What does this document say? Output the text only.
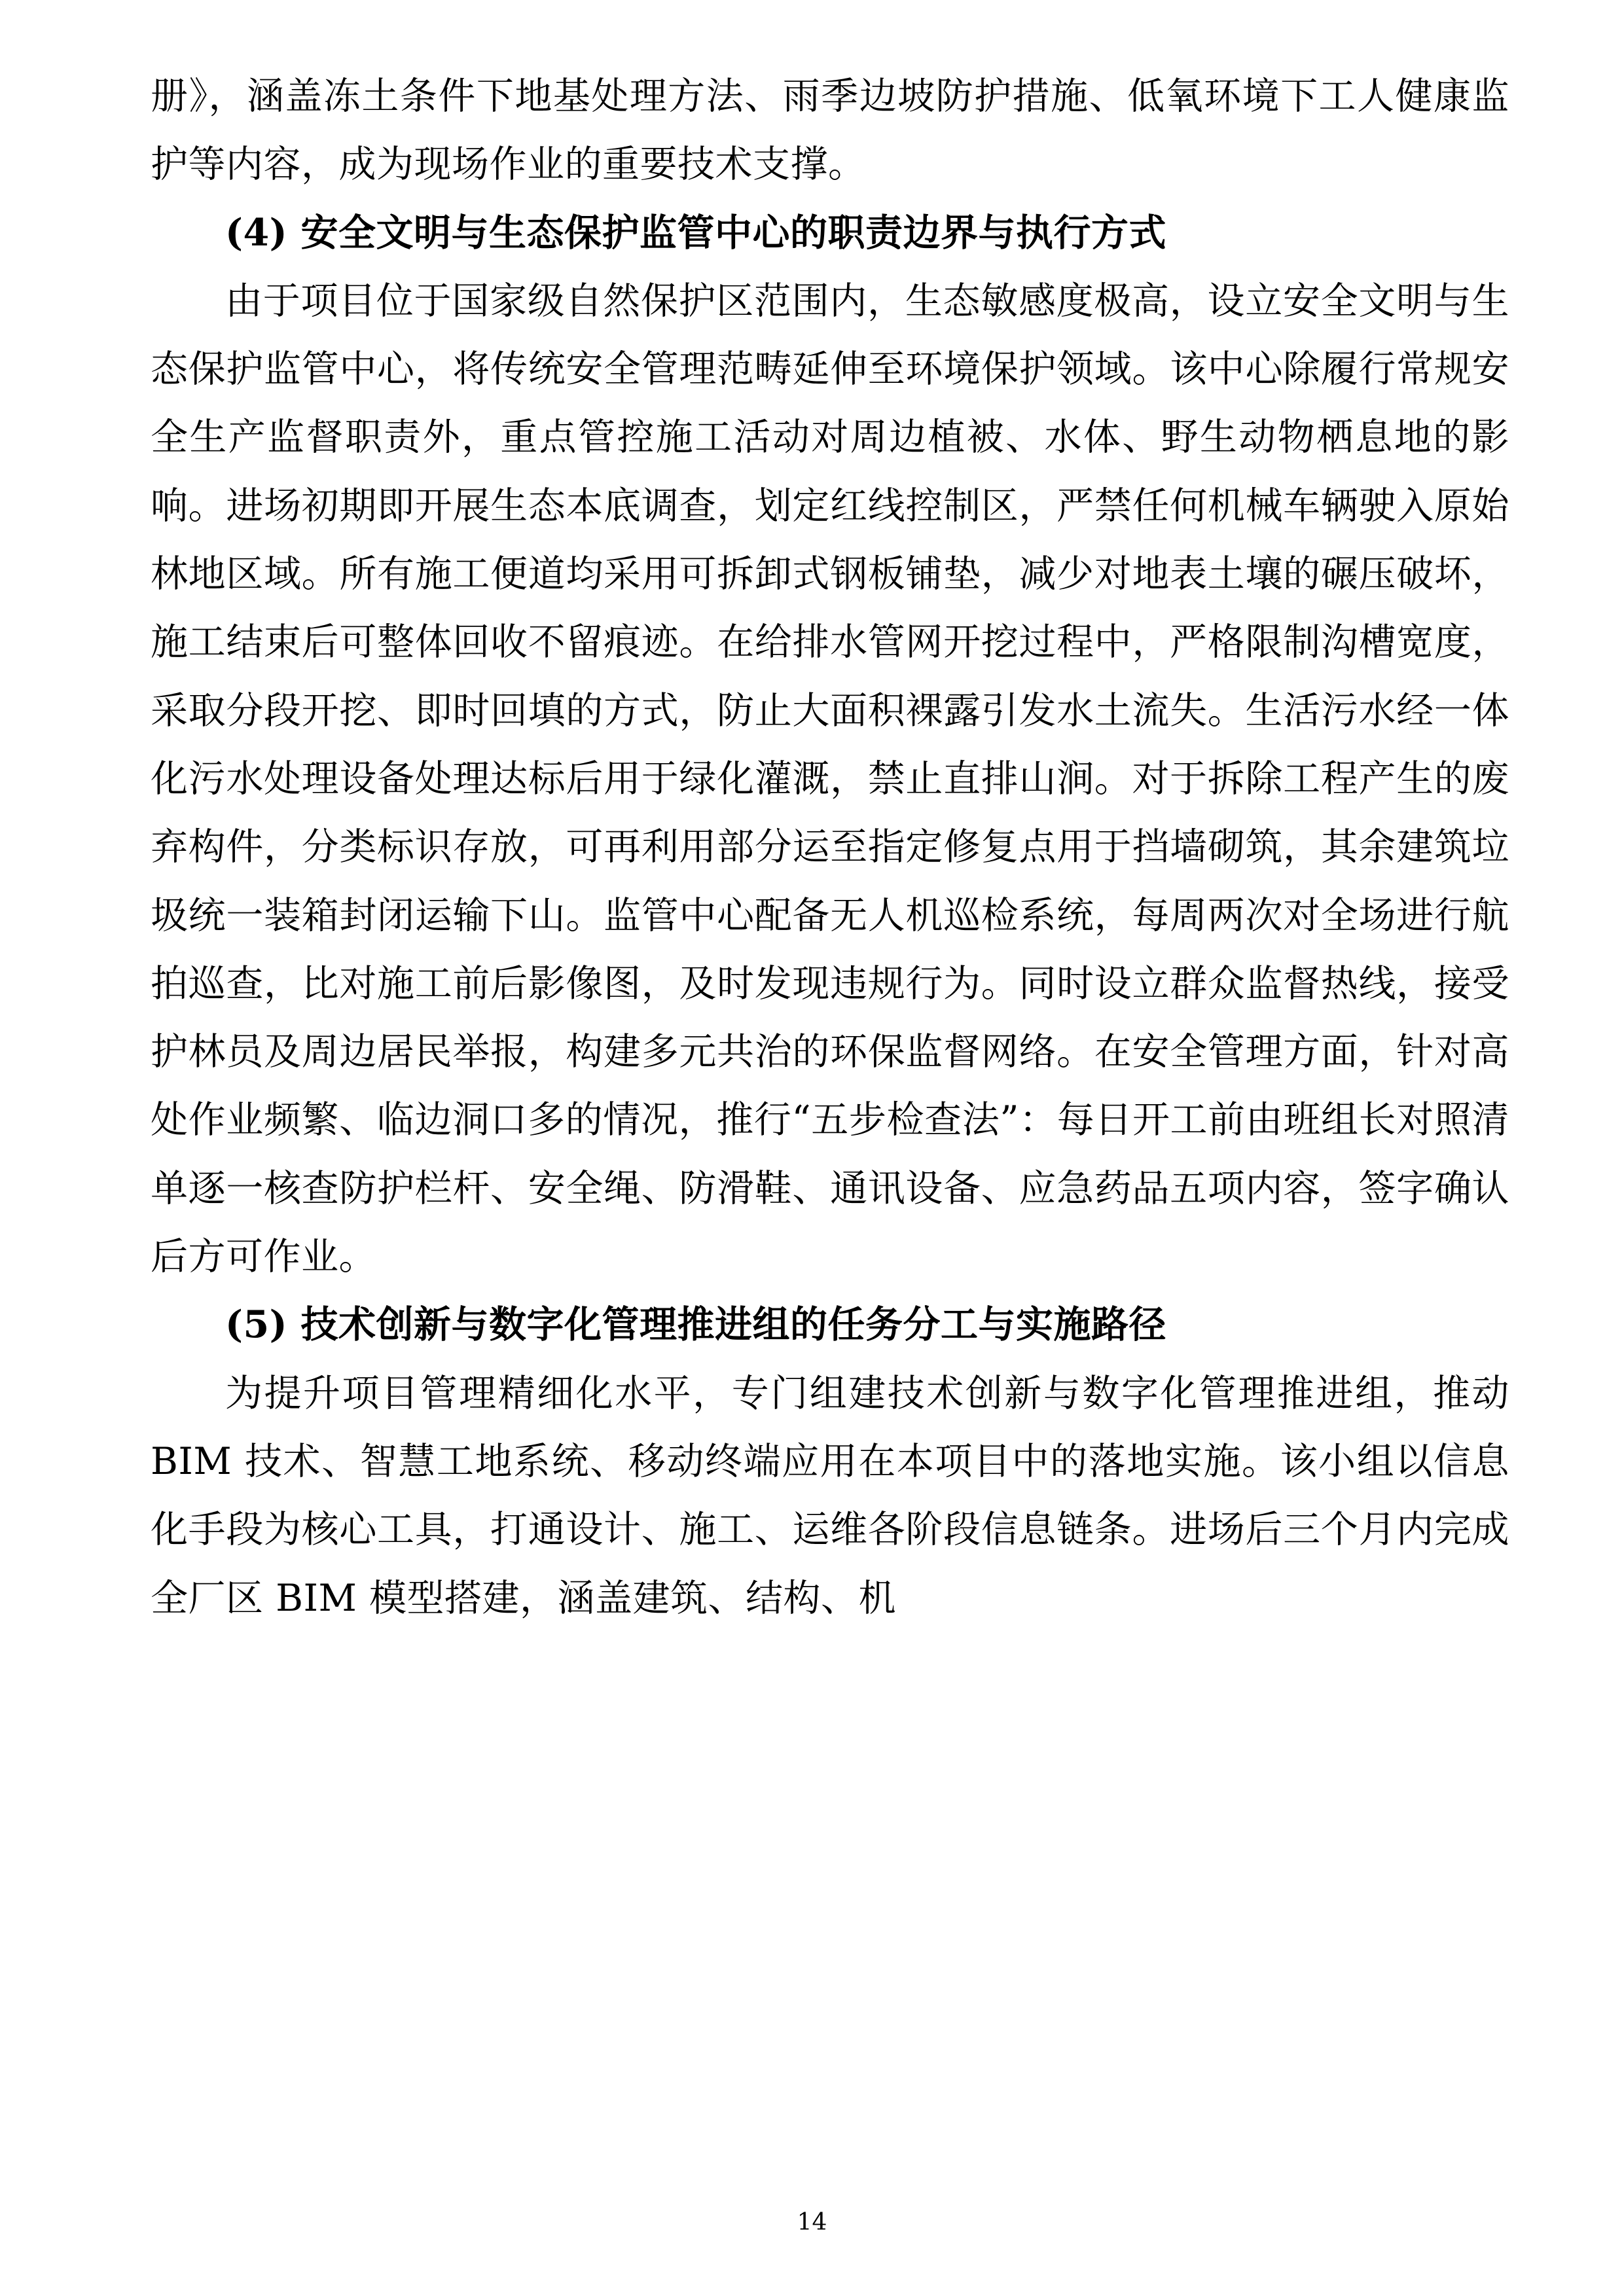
册》，涵盖冻土条件下地基处理方法、雨季边坡防护措施、低氧环境下工人健康监护等内容，成为现场作业的重要技术支撑。

(4) 安全文明与生态保护监管中心的职责边界与执行方式

由于项目位于国家级自然保护区范围内，生态敏感度极高，设立安全文明与生态保护监管中心，将传统安全管理范畴延伸至环境保护领域。该中心除履行常规安全生产监督职责外，重点管控施工活动对周边植被、水体、野生动物栖息地的影响。进场初期即开展生态本底调查，划定红线控制区，严禁任何机械车辆驶入原始林地区域。所有施工便道均采用可拆卸式钢板铺垫，减少对地表土壤的碾压破坏，施工结束后可整体回收不留痕迹。在给排水管网开挖过程中，严格限制沟槽宽度，采取分段开挖、即时回填的方式，防止大面积裸露引发水土流失。生活污水经一体化污水处理设备处理达标后用于绿化灌溉，禁止直排山涧。对于拆除工程产生的废弃构件，分类标识存放，可再利用部分运至指定修复点用于挡墙砌筑，其余建筑垃圾统一装箱封闭运输下山。监管中心配备无人机巡检系统，每周两次对全场进行航拍巡查，比对施工前后影像图，及时发现违规行为。同时设立群众监督热线，接受护林员及周边居民举报，构建多元共治的环保监督网络。在安全管理方面，针对高处作业频繁、临边洞口多的情况，推行“五步检查法”：每日开工前由班组长对照清单逐一核查防护栏杆、安全绳、防滑鞋、通讯设备、应急药品五项内容，签字确认后方可作业。

(5) 技术创新与数字化管理推进组的任务分工与实施路径

为提升项目管理精细化水平，专门组建技术创新与数字化管理推进组，推动 BIM 技术、智慧工地系统、移动终端应用在本项目中的落地实施。该小组以信息化手段为核心工具，打通设计、施工、运维各阶段信息链条。进场后三个月内完成全厂区 BIM 模型搭建，涵盖建筑、结构、机

14
